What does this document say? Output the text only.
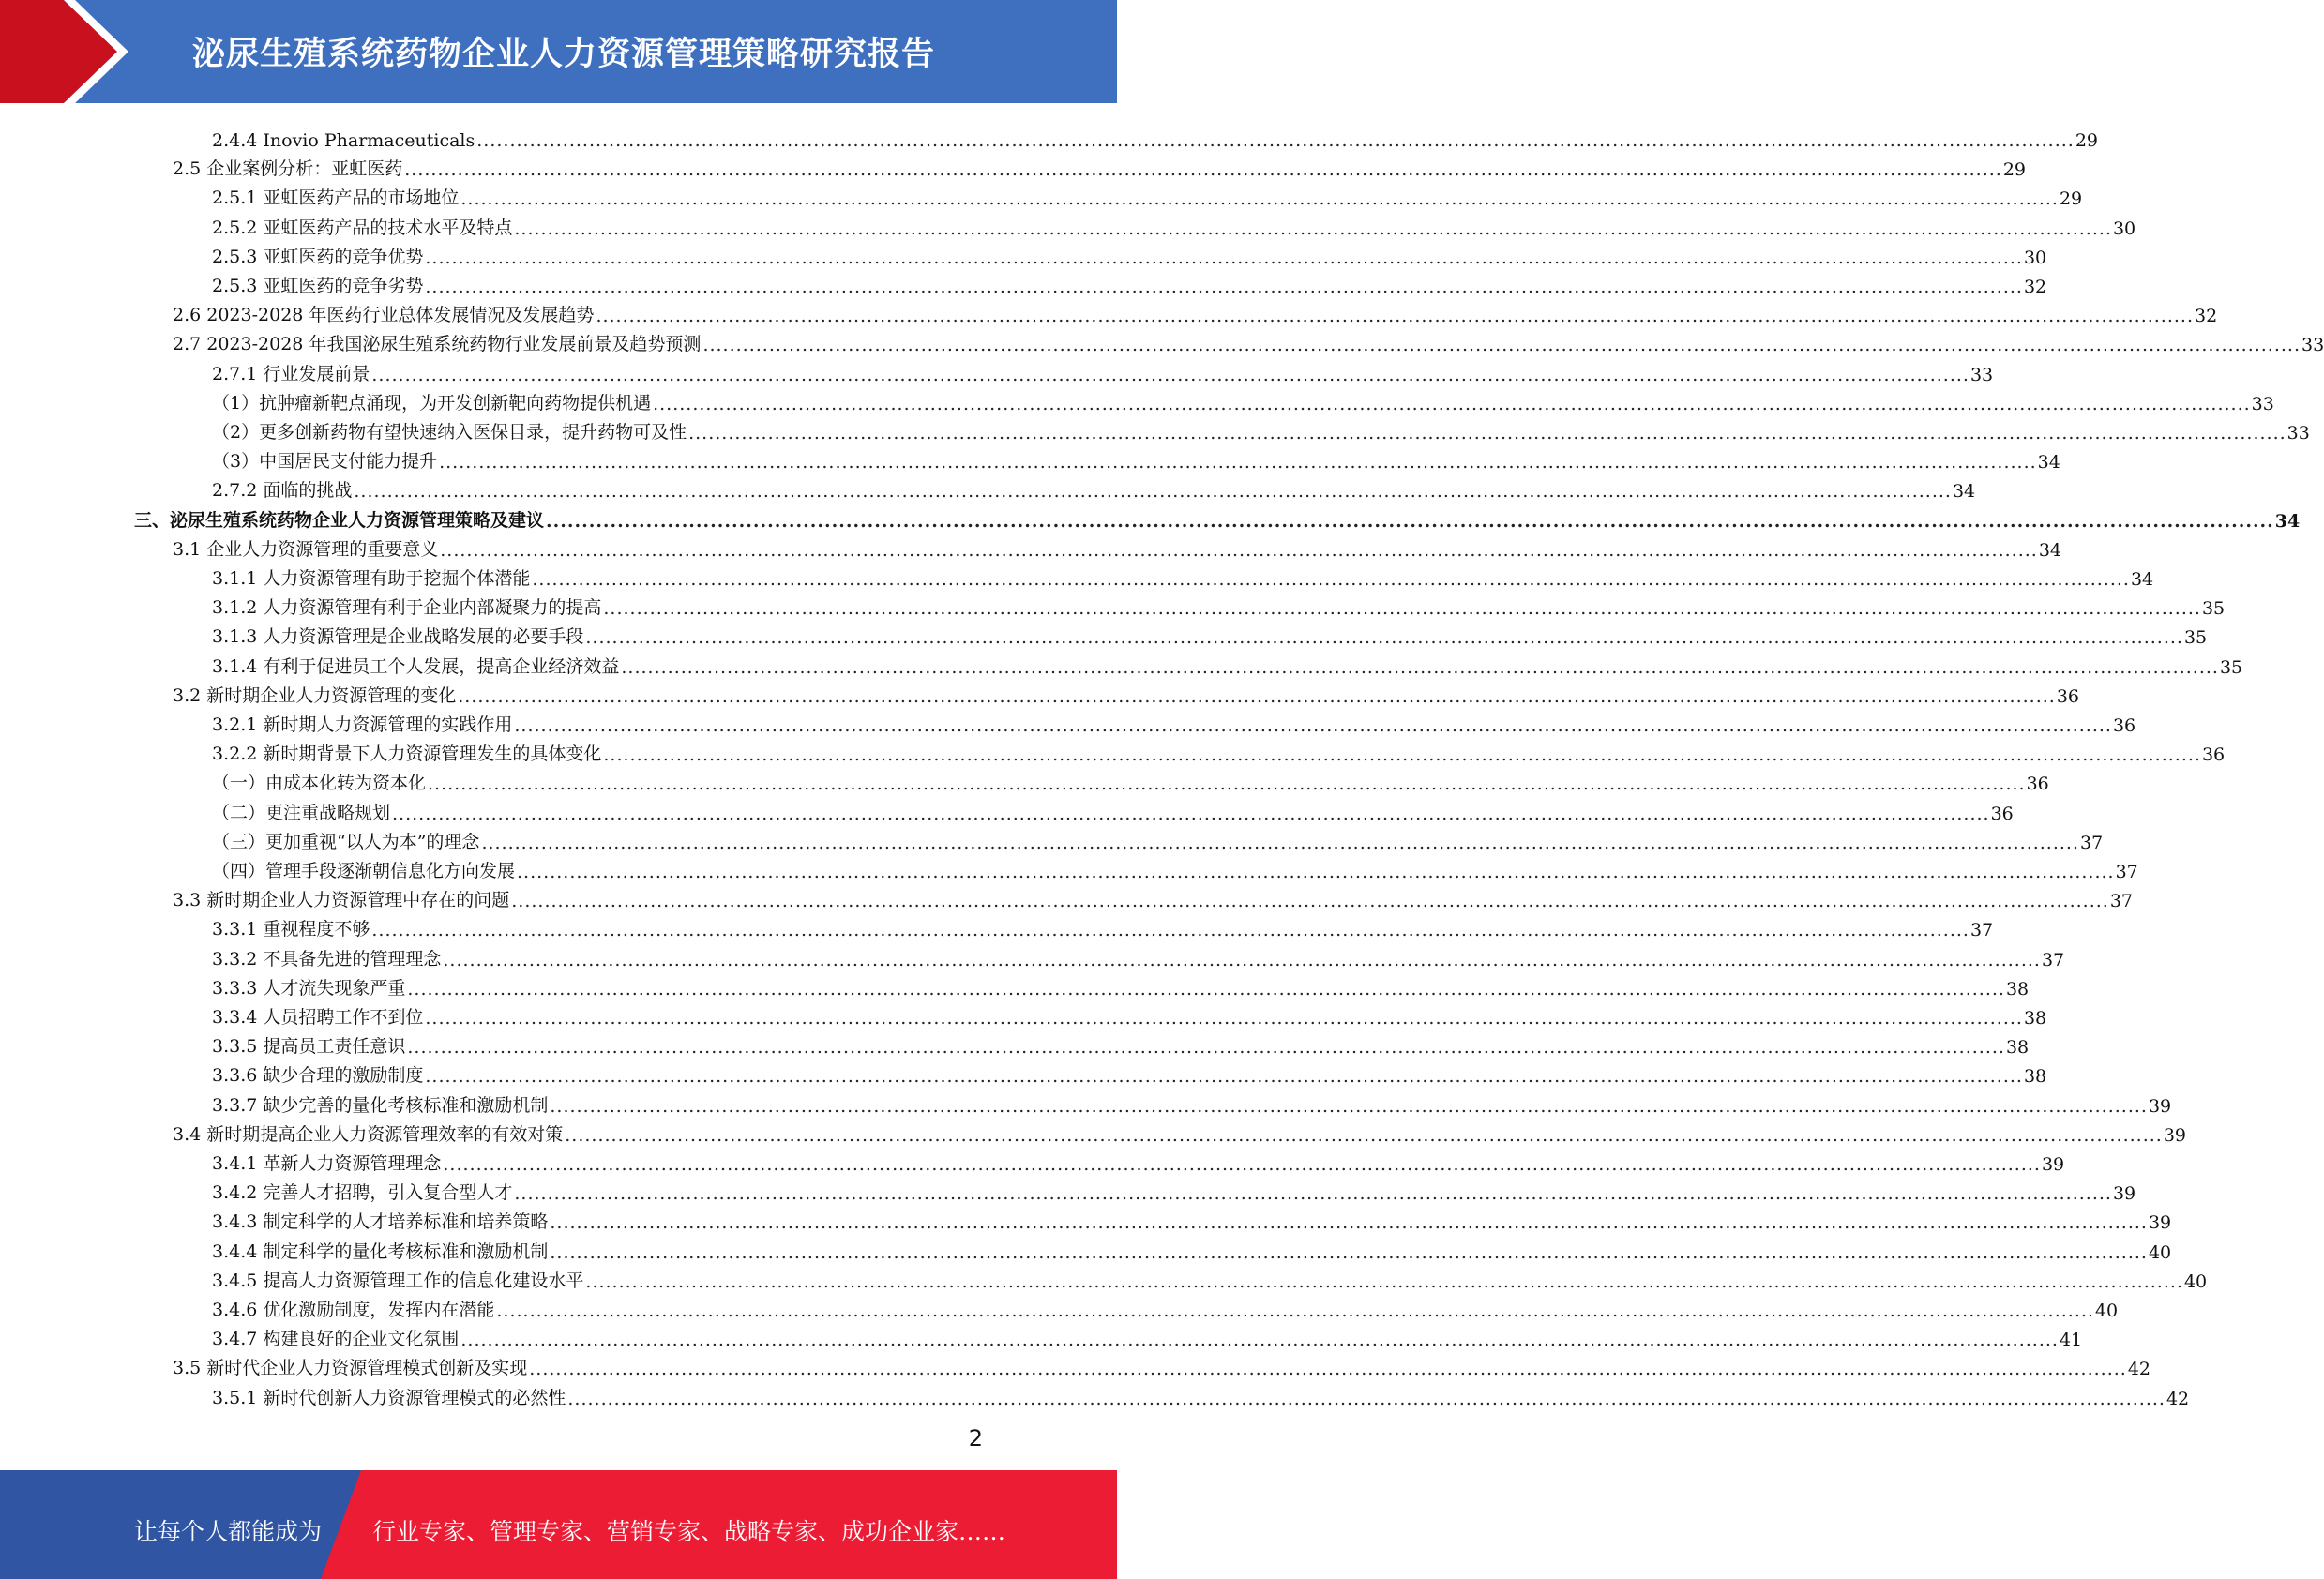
泌尿生殖系统药物企业人力资源管理策略研究报告
2.4.4 Inovio Pharmaceuticals .................................................................................................................................................................................................................................................. 29
2.5 企业案例分析：亚虹医药 .................................................................................................................................................................................................................................................. 29
2.5.1 亚虹医药产品的市场地位 .................................................................................................................................................................................................................................................. 29
2.5.2 亚虹医药产品的技术水平及特点 .................................................................................................................................................................................................................................................. 30
2.5.3 亚虹医药的竞争优势 .................................................................................................................................................................................................................................................. 30
2.5.3 亚虹医药的竞争劣势 .................................................................................................................................................................................................................................................. 32
2.6 2023-2028 年医药行业总体发展情况及发展趋势 .................................................................................................................................................................................................................................................. 32
2.7 2023-2028 年我国泌尿生殖系统药物行业发展前景及趋势预测 .................................................................................................................................................................................................................................................. 33
2.7.1 行业发展前景 .................................................................................................................................................................................................................................................. 33
（1）抗肿瘤新靶点涌现，为开发创新靶向药物提供机遇 .................................................................................................................................................................................................................................................. 33
（2）更多创新药物有望快速纳入医保目录，提升药物可及性 .................................................................................................................................................................................................................................................. 33
（3）中国居民支付能力提升 .................................................................................................................................................................................................................................................. 34
2.7.2 面临的挑战 .................................................................................................................................................................................................................................................. 34
三、泌尿生殖系统药物企业人力资源管理策略及建议 .................................................................................................................................................................................................................................................. 34
3.1 企业人力资源管理的重要意义 .................................................................................................................................................................................................................................................. 34
3.1.1 人力资源管理有助于挖掘个体潜能 .................................................................................................................................................................................................................................................. 34
3.1.2 人力资源管理有利于企业内部凝聚力的提高 .................................................................................................................................................................................................................................................. 35
3.1.3 人力资源管理是企业战略发展的必要手段 .................................................................................................................................................................................................................................................. 35
3.1.4 有利于促进员工个人发展，提高企业经济效益 .................................................................................................................................................................................................................................................. 35
3.2 新时期企业人力资源管理的变化 .................................................................................................................................................................................................................................................. 36
3.2.1 新时期人力资源管理的实践作用 .................................................................................................................................................................................................................................................. 36
3.2.2 新时期背景下人力资源管理发生的具体变化 .................................................................................................................................................................................................................................................. 36
（一）由成本化转为资本化 .................................................................................................................................................................................................................................................. 36
（二）更注重战略规划 .................................................................................................................................................................................................................................................. 36
（三）更加重视“以人为本”的理念 .................................................................................................................................................................................................................................................. 37
（四）管理手段逐渐朝信息化方向发展 .................................................................................................................................................................................................................................................. 37
3.3 新时期企业人力资源管理中存在的问题 .................................................................................................................................................................................................................................................. 37
3.3.1 重视程度不够 .................................................................................................................................................................................................................................................. 37
3.3.2 不具备先进的管理理念 .................................................................................................................................................................................................................................................. 37
3.3.3 人才流失现象严重 .................................................................................................................................................................................................................................................. 38
3.3.4 人员招聘工作不到位 .................................................................................................................................................................................................................................................. 38
3.3.5 提高员工责任意识 .................................................................................................................................................................................................................................................. 38
3.3.6 缺少合理的激励制度 .................................................................................................................................................................................................................................................. 38
3.3.7 缺少完善的量化考核标准和激励机制 .................................................................................................................................................................................................................................................. 39
3.4 新时期提高企业人力资源管理效率的有效对策 .................................................................................................................................................................................................................................................. 39
3.4.1 革新人力资源管理理念 .................................................................................................................................................................................................................................................. 39
3.4.2 完善人才招聘，引入复合型人才 .................................................................................................................................................................................................................................................. 39
3.4.3 制定科学的人才培养标准和培养策略 .................................................................................................................................................................................................................................................. 39
3.4.4 制定科学的量化考核标准和激励机制 .................................................................................................................................................................................................................................................. 40
3.4.5 提高人力资源管理工作的信息化建设水平 .................................................................................................................................................................................................................................................. 40
3.4.6 优化激励制度，发挥内在潜能 .................................................................................................................................................................................................................................................. 40
3.4.7 构建良好的企业文化氛围 .................................................................................................................................................................................................................................................. 41
3.5 新时代企业人力资源管理模式创新及实现 .................................................................................................................................................................................................................................................. 42
3.5.1 新时代创新人力资源管理模式的必然性 .................................................................................................................................................................................................................................................. 42
2
让每个人都能成为 行业专家、管理专家、营销专家、战略专家、成功企业家……
